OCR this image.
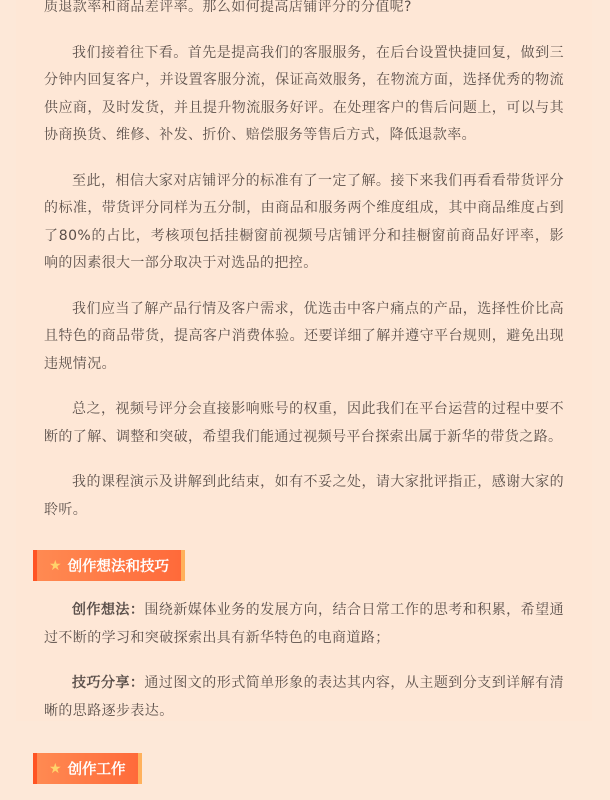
质退款率和商品差评率。那么如何提高店铺评分的分值呢?

我们接着往下看。首先是提高我们的客服服务，在后台设置快捷回复，做到三分钟内回复客户，并设置客服分流，保证高效服务，在物流方面，选择优秀的物流供应商，及时发货，并且提升物流服务好评。在处理客户的售后问题上，可以与其协商换货、维修、补发、折价、赔偿服务等售后方式，降低退款率。

至此，相信大家对店铺评分的标准有了一定了解。接下来我们再看看带货评分的标准，带货评分同样为五分制，由商品和服务两个维度组成，其中商品维度占到了80%的占比，考核项包括挂橱窗前视频号店铺评分和挂橱窗前商品好评率，影响的因素很大一部分取决于对选品的把控。

我们应当了解产品行情及客户需求，优选击中客户痛点的产品，选择性价比高且特色的商品带货，提高客户消费体验。还要详细了解并遵守平台规则，避免出现违规情况。

总之，视频号评分会直接影响账号的权重，因此我们在平台运营的过程中要不断的了解、调整和突破，希望我们能通过视频号平台探索出属于新华的带货之路。

我的课程演示及讲解到此结束，如有不妥之处，请大家批评指正，感谢大家的聆听。

★ 创作想法和技巧

创作想法：围绕新媒体业务的发展方向，结合日常工作的思考和积累，希望通过不断的学习和突破探索出具有新华特色的电商道路；

技巧分享：通过图文的形式简单形象的表达其内容，从主题到分支到详解有清晰的思路逐步表达。

★ 创作工作
